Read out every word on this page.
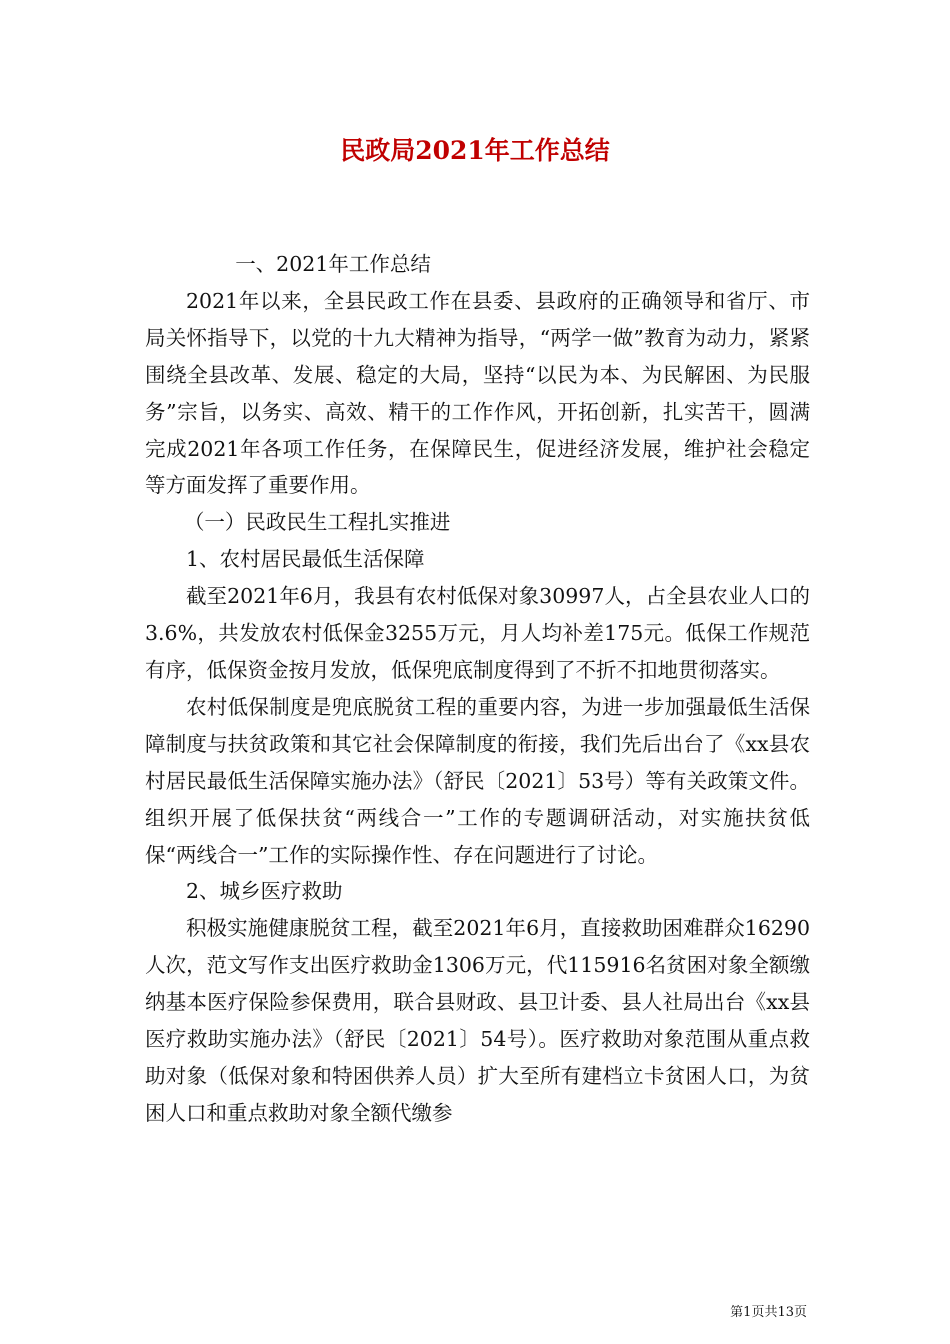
民政局2021年工作总结

一、2021年工作总结

2021年以来，全县民政工作在县委、县政府的正确领导和省厅、市局关怀指导下，以党的十九大精神为指导，“两学一做”教育为动力，紧紧围绕全县改革、发展、稳定的大局，坚持“以民为本、为民解困、为民服务”宗旨，以务实、高效、精干的工作作风，开拓创新，扎实苦干，圆满完成2021年各项工作任务，在保障民生，促进经济发展，维护社会稳定等方面发挥了重要作用。

（一）民政民生工程扎实推进

1、农村居民最低生活保障

截至2021年6月，我县有农村低保对象30997人，占全县农业人口的3.6%，共发放农村低保金3255万元，月人均补差175元。低保工作规范有序，低保资金按月发放，低保兜底制度得到了不折不扣地贯彻落实。

农村低保制度是兜底脱贫工程的重要内容，为进一步加强最低生活保障制度与扶贫政策和其它社会保障制度的衔接，我们先后出台了《xx县农村居民最低生活保障实施办法》（舒民〔2021〕53号）等有关政策文件。组织开展了低保扶贫“两线合一”工作的专题调研活动，对实施扶贫低保“两线合一”工作的实际操作性、存在问题进行了讨论。

2、城乡医疗救助

积极实施健康脱贫工程，截至2021年6月，直接救助困难群众16290人次，范文写作支出医疗救助金1306万元，代115916名贫困对象全额缴纳基本医疗保险参保费用，联合县财政、县卫计委、县人社局出台《xx县医疗救助实施办法》（舒民〔2021〕54号）。医疗救助对象范围从重点救助对象（低保对象和特困供养人员）扩大至所有建档立卡贫困人口，为贫困人口和重点救助对象全额代缴参

第1页共13页
